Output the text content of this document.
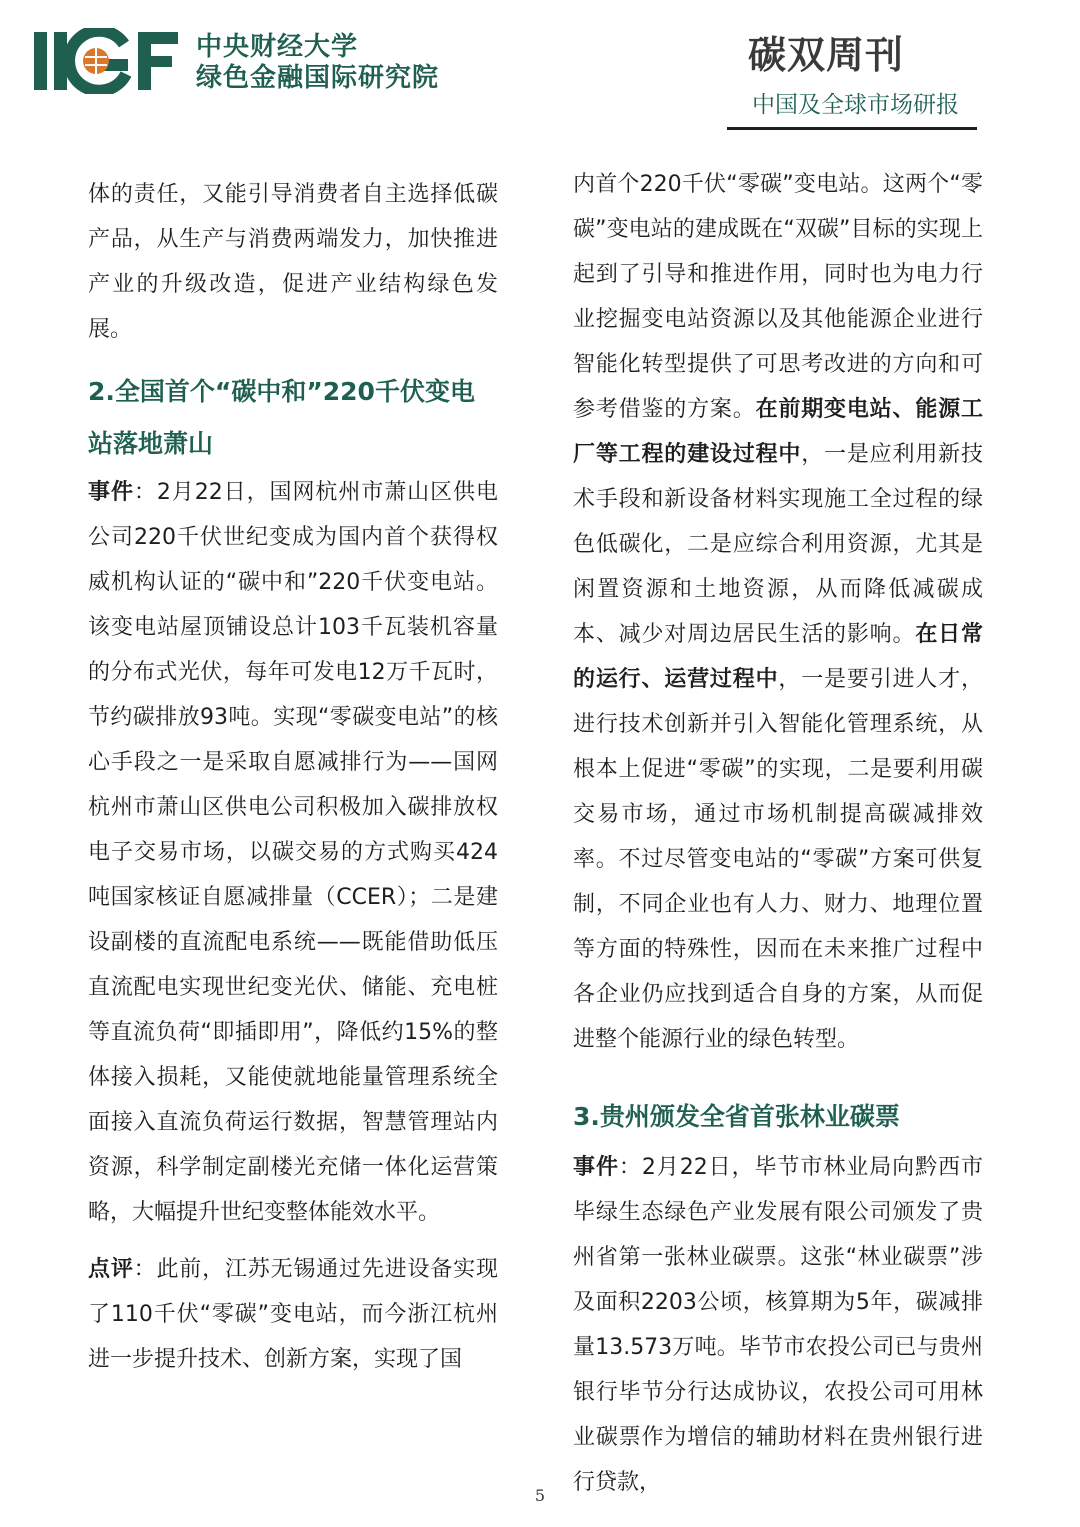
中央财经大学
绿色金融国际研究院
碳双周刊
中国及全球市场研报

体的责任，又能引导消费者自主选择低碳产品，从生产与消费两端发力，加快推进产业的升级改造，促进产业结构绿色发展。

2.全国首个“碳中和”220千伏变电站落地萧山

事件：2月22日，国网杭州市萧山区供电公司220千伏世纪变成为国内首个获得权威机构认证的“碳中和”220千伏变电站。该变电站屋顶铺设总计103千瓦装机容量的分布式光伏，每年可发电12万千瓦时，节约碳排放93吨。实现“零碳变电站”的核心手段之一是采取自愿减排行为——国网杭州市萧山区供电公司积极加入碳排放权电子交易市场，以碳交易的方式购买424吨国家核证自愿减排量（CCER）；二是建设副楼的直流配电系统——既能借助低压直流配电实现世纪变光伏、储能、充电桩等直流负荷“即插即用”，降低约15%的整体接入损耗，又能使就地能量管理系统全面接入直流负荷运行数据，智慧管理站内资源，科学制定副楼光充储一体化运营策略，大幅提升世纪变整体能效水平。

点评：此前，江苏无锡通过先进设备实现了110千伏“零碳”变电站，而今浙江杭州进一步提升技术、创新方案，实现了国

内首个220千伏“零碳”变电站。这两个“零碳”变电站的建成既在“双碳”目标的实现上起到了引导和推进作用，同时也为电力行业挖掘变电站资源以及其他能源企业进行智能化转型提供了可思考改进的方向和可参考借鉴的方案。在前期变电站、能源工厂等工程的建设过程中，一是应利用新技术手段和新设备材料实现施工全过程的绿色低碳化，二是应综合利用资源，尤其是闲置资源和土地资源，从而降低减碳成本、减少对周边居民生活的影响。在日常的运行、运营过程中，一是要引进人才，进行技术创新并引入智能化管理系统，从根本上促进“零碳”的实现，二是要利用碳交易市场，通过市场机制提高碳减排效率。不过尽管变电站的“零碳”方案可供复制，不同企业也有人力、财力、地理位置等方面的特殊性，因而在未来推广过程中各企业仍应找到适合自身的方案，从而促进整个能源行业的绿色转型。

3.贵州颁发全省首张林业碳票

事件：2月22日，毕节市林业局向黔西市毕绿生态绿色产业发展有限公司颁发了贵州省第一张林业碳票。这张“林业碳票”涉及面积2203公顷，核算期为5年，碳减排量13.573万吨。毕节市农投公司已与贵州银行毕节分行达成协议，农投公司可用林业碳票作为增信的辅助材料在贵州银行进行贷款，

5
